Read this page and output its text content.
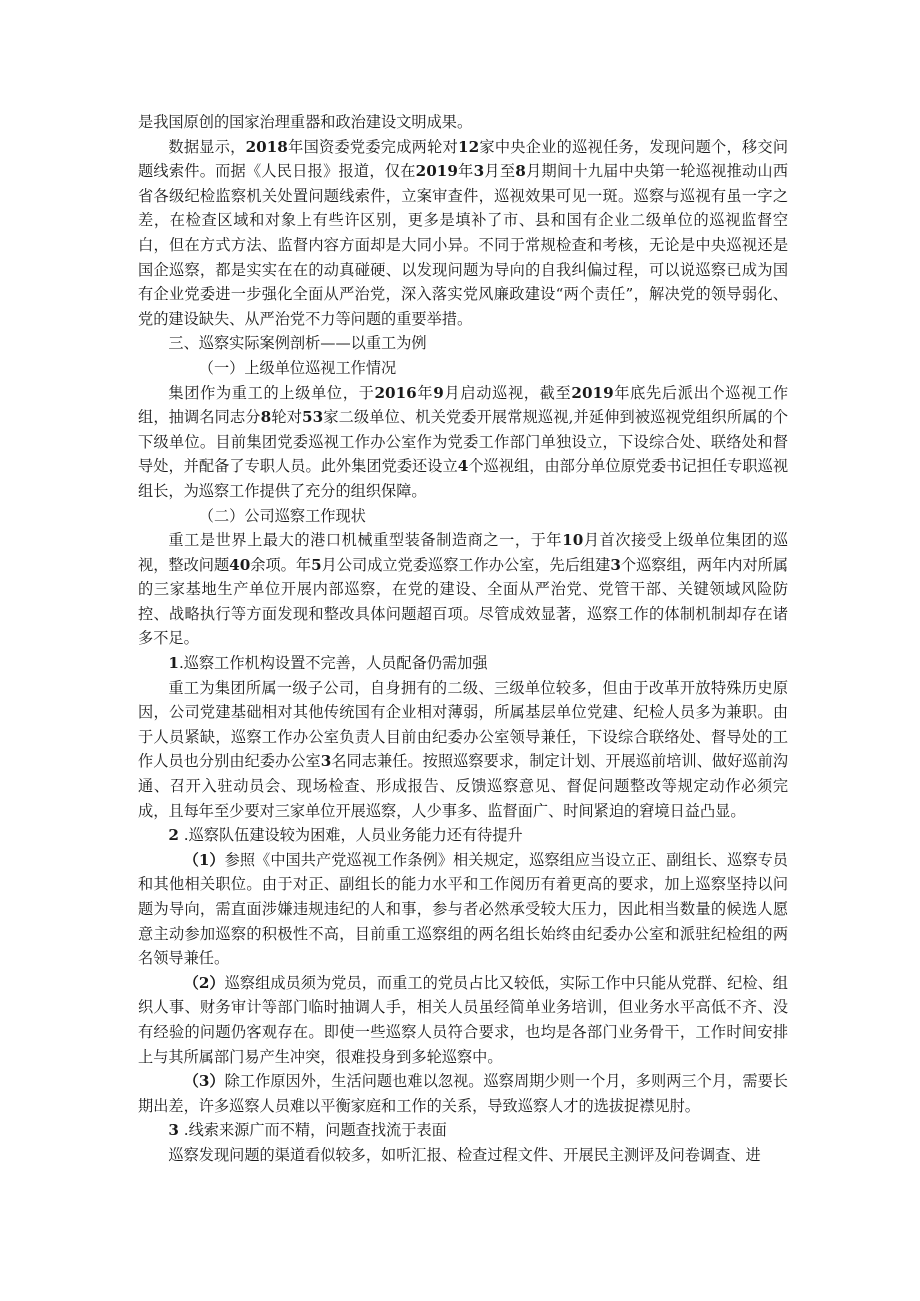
是我国原创的国家治理重器和政治建设文明成果。

数据显示，2018年国资委党委完成两轮对12家中央企业的巡视任务，发现问题个，移交问题线索件。而据《人民日报》报道，仅在2019年3月至8月期间十九届中央第一轮巡视推动山西省各级纪检监察机关处置问题线索件，立案审查件，巡视效果可见一斑。巡察与巡视有虽一字之差，在检查区域和对象上有些许区别，更多是填补了市、县和国有企业二级单位的巡视监督空白，但在方式方法、监督内容方面却是大同小异。不同于常规检查和考核，无论是中央巡视还是国企巡察，都是实实在在的动真碰硬、以发现问题为导向的自我纠偏过程，可以说巡察已成为国有企业党委进一步强化全面从严治党，深入落实党风廉政建设“两个责任”，解决党的领导弱化、党的建设缺失、从严治党不力等问题的重要举措。

三、巡察实际案例剖析——以重工为例

（一）上级单位巡视工作情况

集团作为重工的上级单位，于2016年9月启动巡视，截至2019年底先后派出个巡视工作组，抽调名同志分8轮对53家二级单位、机关党委开展常规巡视,并延伸到被巡视党组织所属的个下级单位。目前集团党委巡视工作办公室作为党委工作部门单独设立，下设综合处、联络处和督导处，并配备了专职人员。此外集团党委还设立4个巡视组，由部分单位原党委书记担任专职巡视组长，为巡察工作提供了充分的组织保障。

（二）公司巡察工作现状

重工是世界上最大的港口机械重型装备制造商之一，于年10月首次接受上级单位集团的巡视，整改问题40余项。年5月公司成立党委巡察工作办公室，先后组建3个巡察组，两年内对所属的三家基地生产单位开展内部巡察，在党的建设、全面从严治党、党管干部、关键领域风险防控、战略执行等方面发现和整改具体问题超百项。尽管成效显著，巡察工作的体制机制却存在诸多不足。

1.巡察工作机构设置不完善，人员配备仍需加强

重工为集团所属一级子公司，自身拥有的二级、三级单位较多，但由于改革开放特殊历史原因，公司党建基础相对其他传统国有企业相对薄弱，所属基层单位党建、纪检人员多为兼职。由于人员紧缺，巡察工作办公室负责人目前由纪委办公室领导兼任，下设综合联络处、督导处的工作人员也分别由纪委办公室3名同志兼任。按照巡察要求，制定计划、开展巡前培训、做好巡前沟通、召开入驻动员会、现场检查、形成报告、反馈巡察意见、督促问题整改等规定动作必须完成，且每年至少要对三家单位开展巡察，人少事多、监督面广、时间紧迫的窘境日益凸显。

2 .巡察队伍建设较为困难，人员业务能力还有待提升

（1）参照《中国共产党巡视工作条例》相关规定，巡察组应当设立正、副组长、巡察专员和其他相关职位。由于对正、副组长的能力水平和工作阅历有着更高的要求，加上巡察坚持以问题为导向，需直面涉嫌违规违纪的人和事，参与者必然承受较大压力，因此相当数量的候选人愿意主动参加巡察的积极性不高，目前重工巡察组的两名组长始终由纪委办公室和派驻纪检组的两名领导兼任。

（2）巡察组成员须为党员，而重工的党员占比又较低，实际工作中只能从党群、纪检、组织人事、财务审计等部门临时抽调人手，相关人员虽经简单业务培训，但业务水平高低不齐、没有经验的问题仍客观存在。即使一些巡察人员符合要求，也均是各部门业务骨干，工作时间安排上与其所属部门易产生冲突，很难投身到多轮巡察中。

（3）除工作原因外，生活问题也难以忽视。巡察周期少则一个月，多则两三个月，需要长期出差，许多巡察人员难以平衡家庭和工作的关系，导致巡察人才的选拔捉襟见肘。

3 .线索来源广而不精，问题查找流于表面

巡察发现问题的渠道看似较多，如听汇报、检查过程文件、开展民主测评及问卷调查、进
